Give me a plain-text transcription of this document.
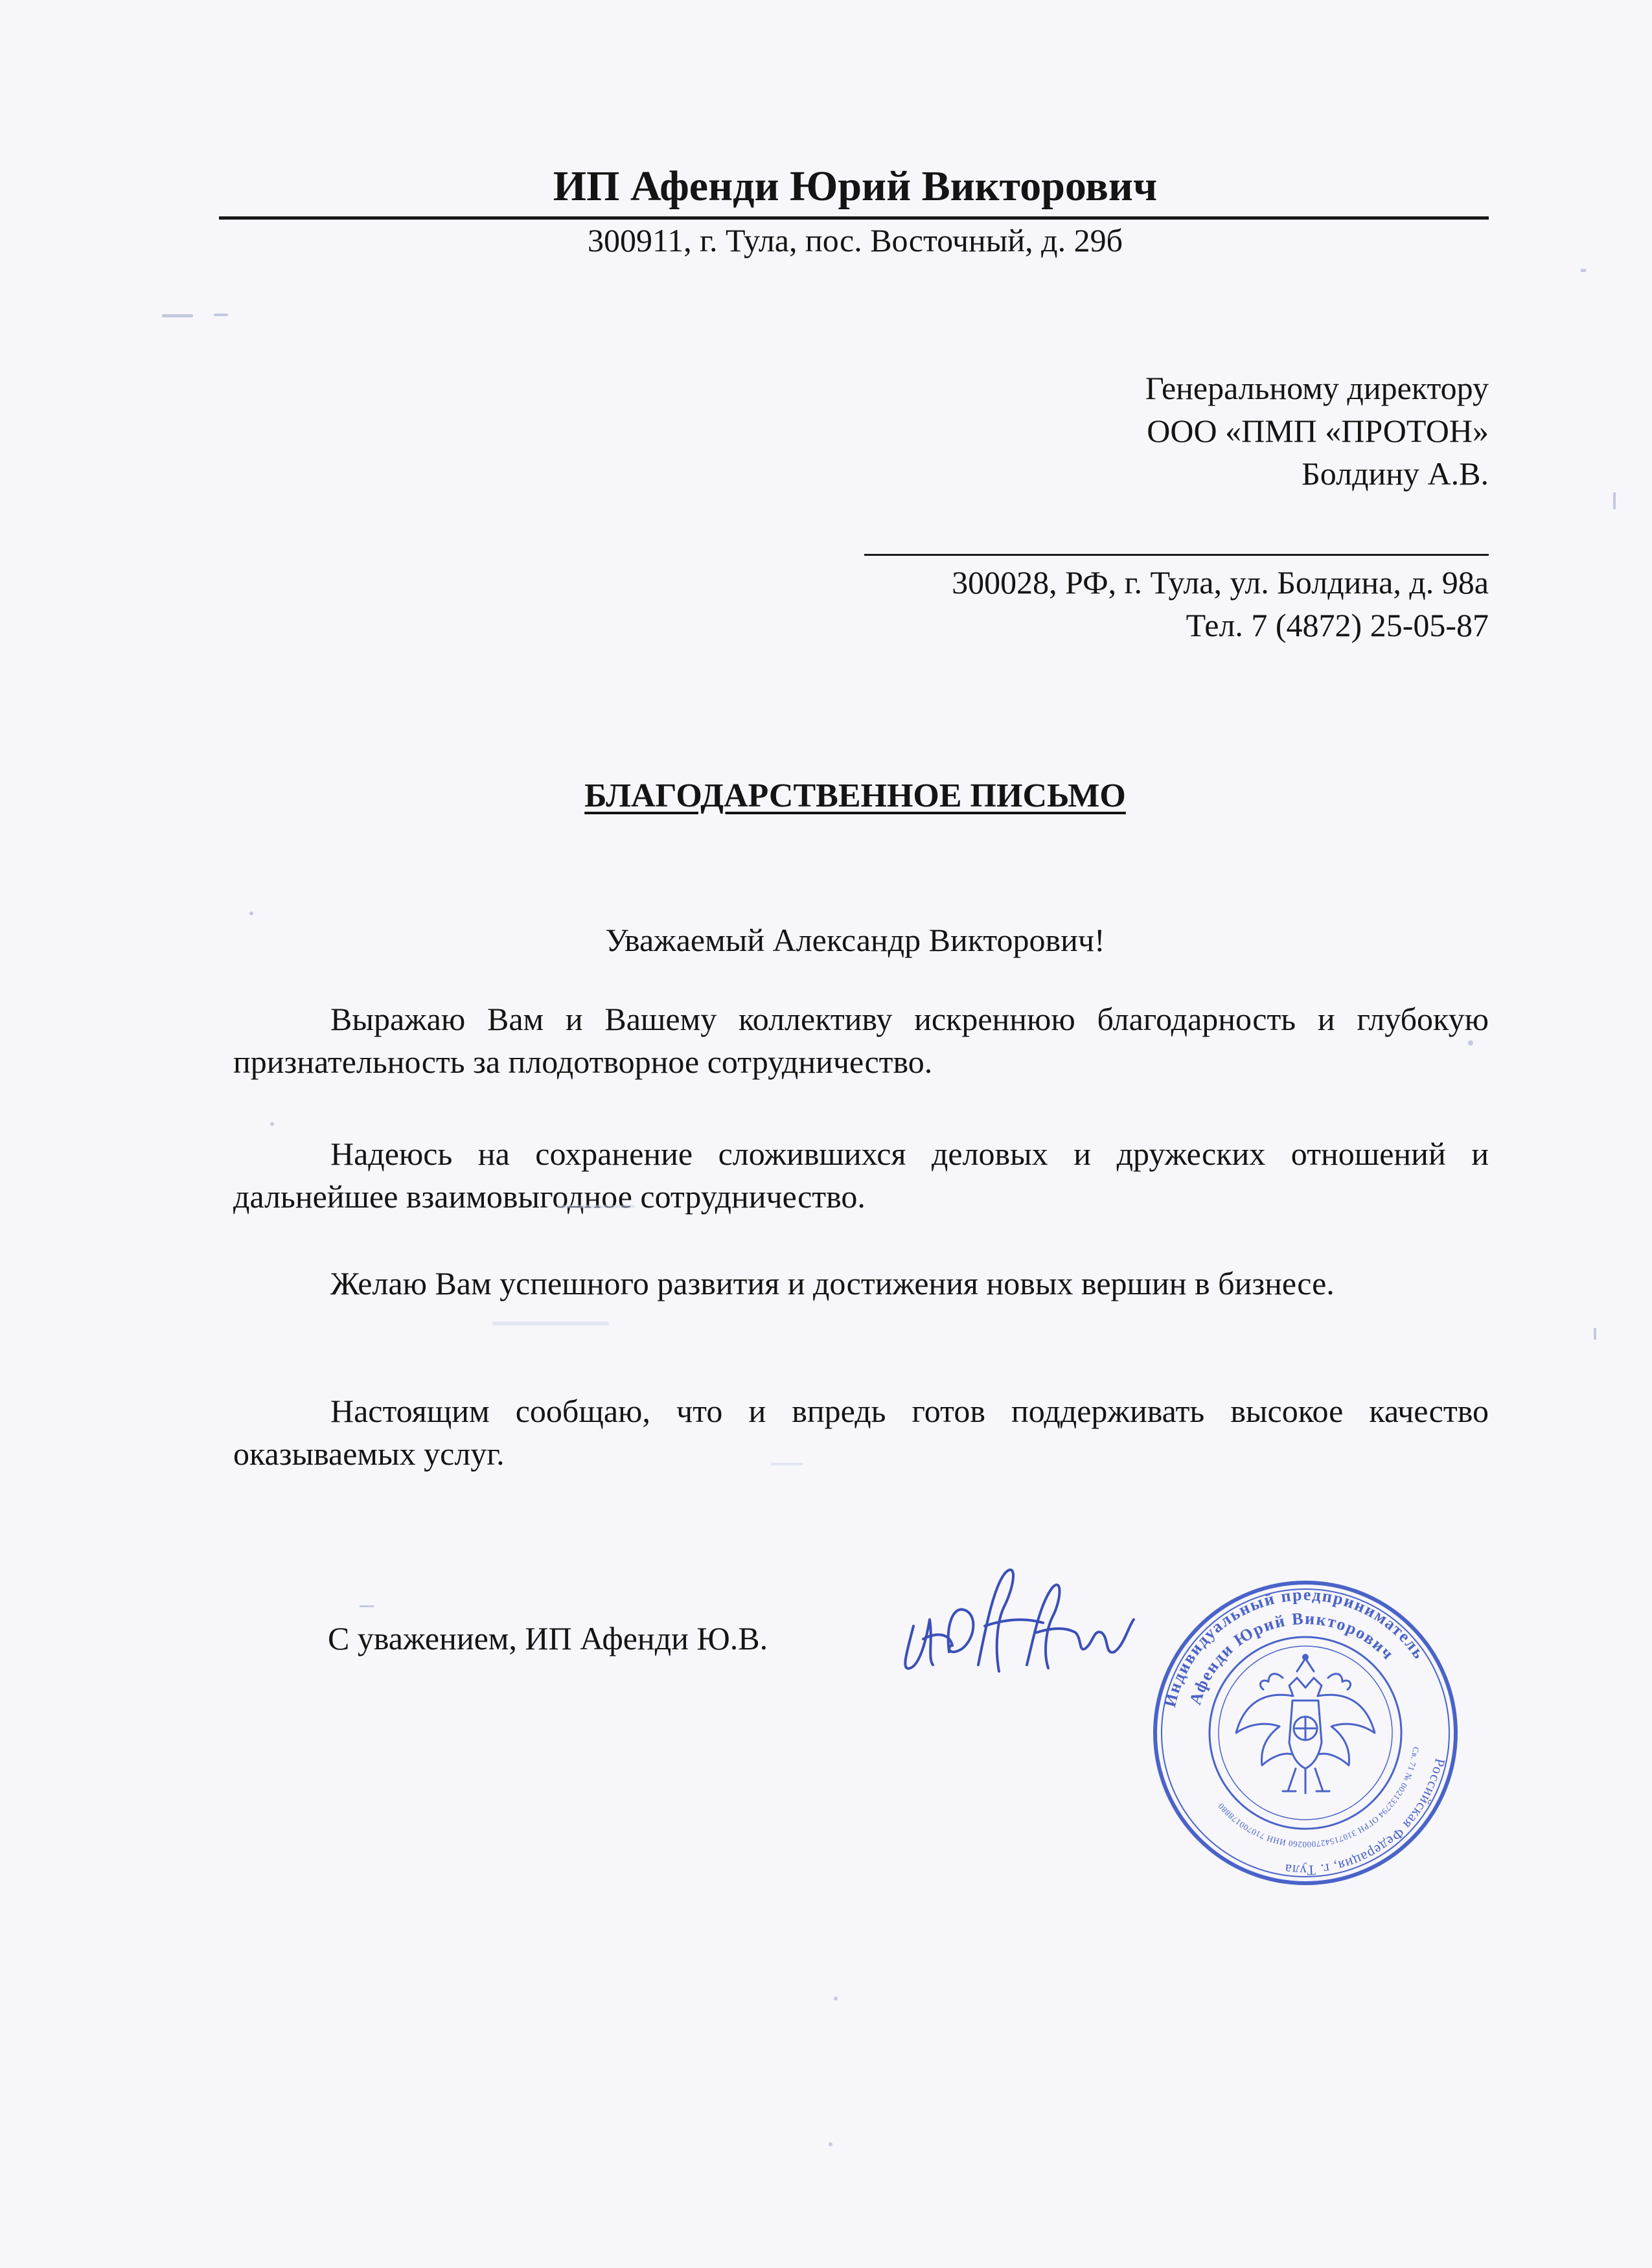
ИП Афенди Юрий Викторович
300911, г. Тула, пос. Восточный, д. 29б
Генеральному директору
ООО «ПМП «ПРОТОН»
Болдину А.В.
300028, РФ, г. Тула, ул. Болдина, д. 98а
Тел. 7 (4872) 25-05-87
БЛАГОДАРСТВЕННОЕ ПИСЬМО
Уважаемый Александр Викторович!
Выражаю Вам и Вашему коллективу искреннюю благодарность и глубокую признательность за плодотворное сотрудничество.
Надеюсь на сохранение сложившихся деловых и дружеских отношений и дальнейшее взаимовыгодное сотрудничество.
Желаю Вам успешного развития и достижения новых вершин в бизнесе.
Настоящим сообщаю, что и впредь готов поддерживать высокое качество оказываемых услуг.
С уважением, ИП Афенди Ю.В.
Индивидуальный предприниматель
Российская Федерация, г. Тула
Афенди Юрий Викторович
Св. 71 № 002132794 ОГРН 310715427000260 ИНН 710700178880
